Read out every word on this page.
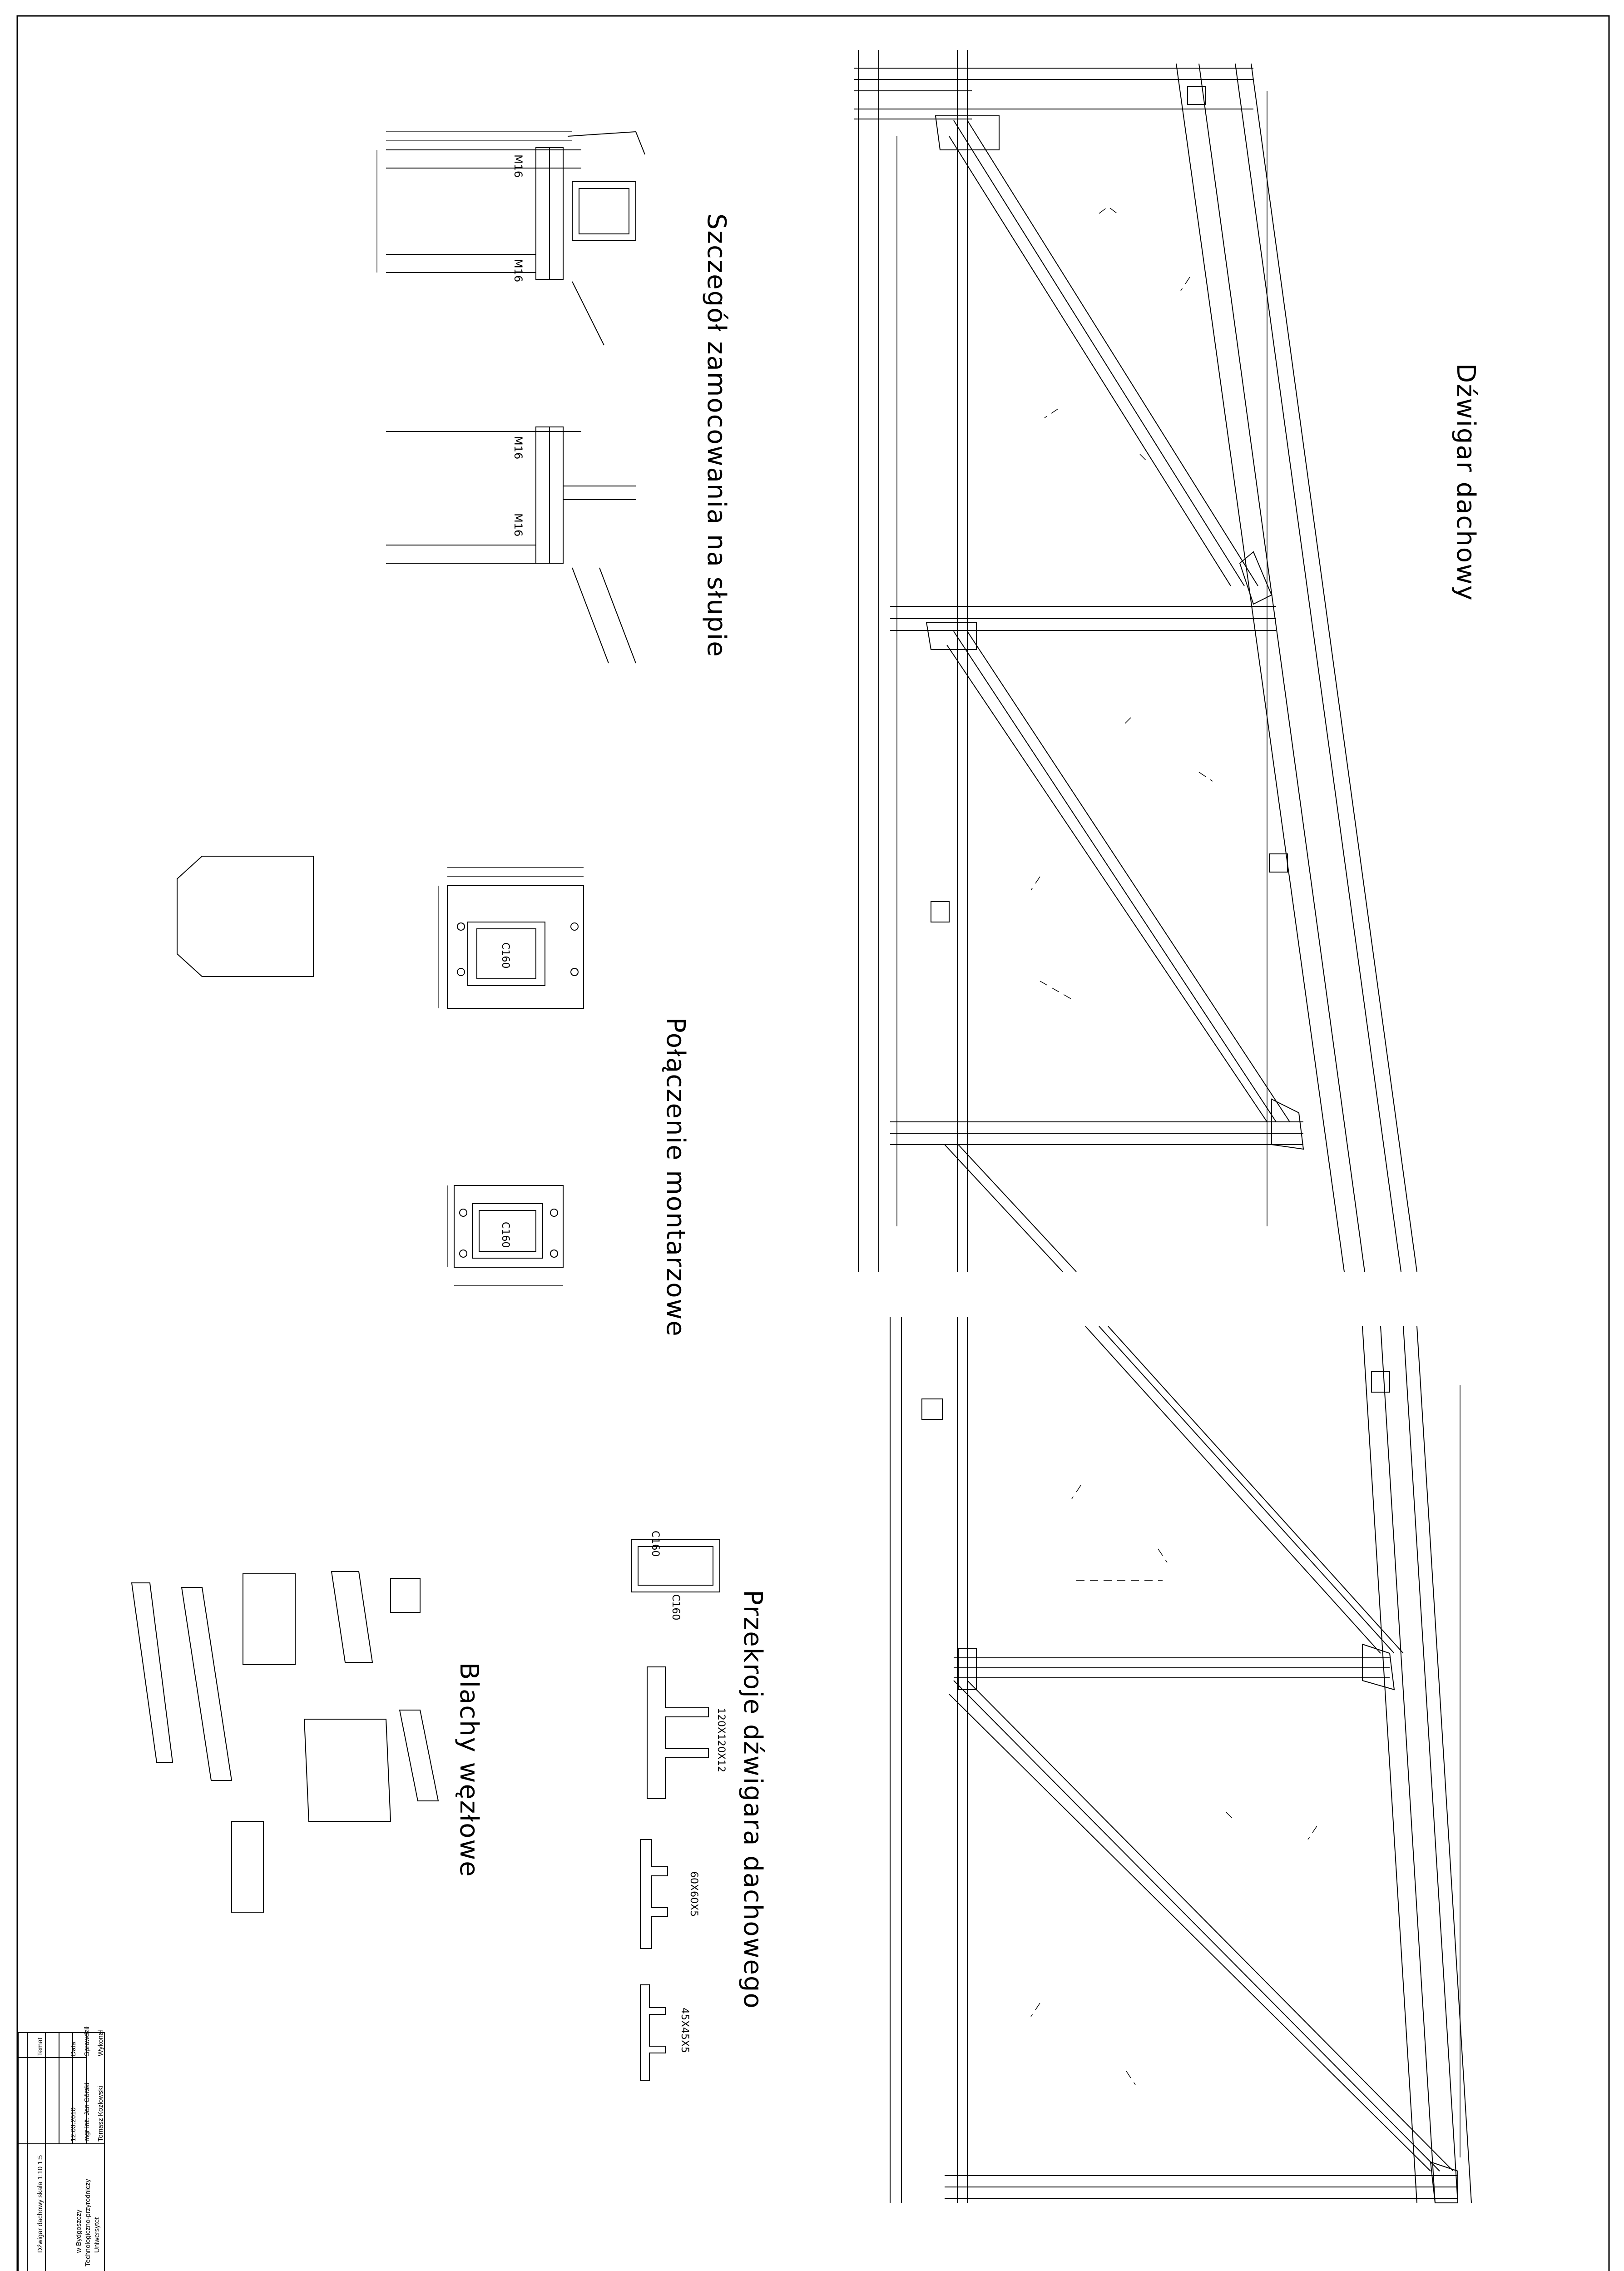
Dźwigar dachowy
Szczegół zamocowania na słupie
Połączenie montarzowe
Przekroje dźwigara dachowego
Blachy węzłowe
C160
C160
120X120X12
60X60X5
45X45X5
M16
M16
M16
M16
C160
C160
Wykonał
Tomasz Kozłowski
Sprawdził
mgr inż. Jan Górski
Data
12.03.2010
Temat
Dźwigar dachowy skala 1:10 1:5	Uniwersytet
Technologiczno-przyrodniczy
w Bydgoszczy
